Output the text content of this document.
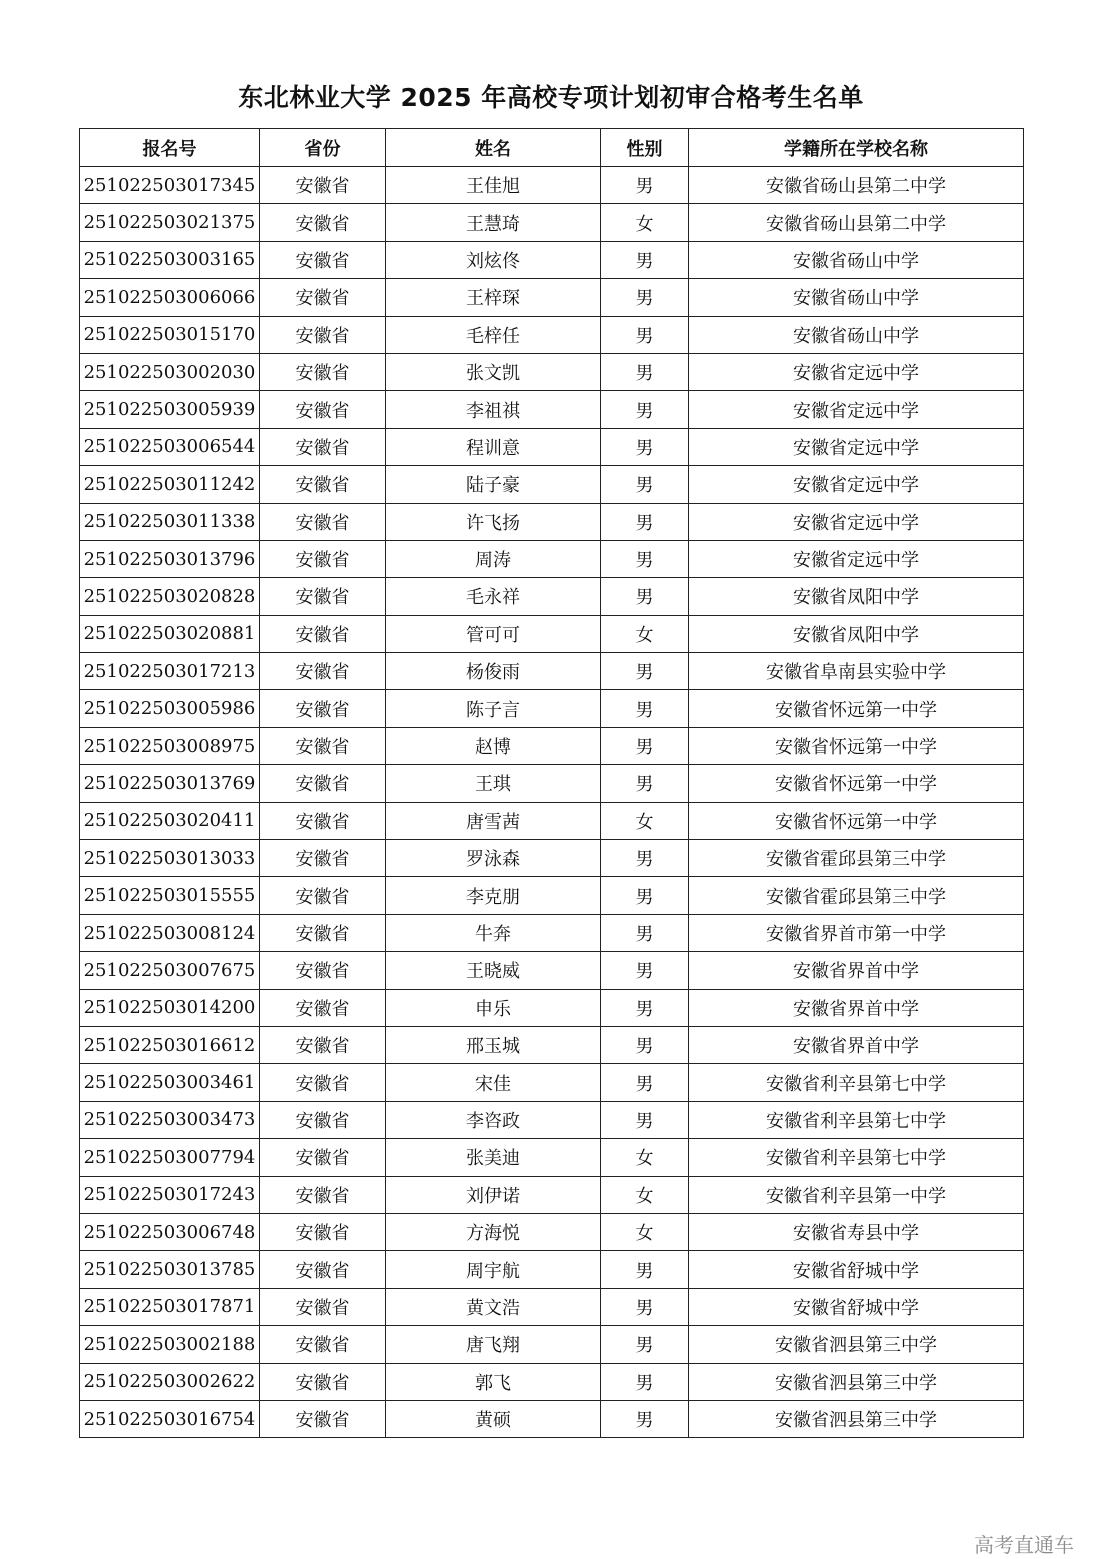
东北林业大学 2025 年高校专项计划初审合格考生名单
报名号	省份	姓名	性别	学籍所在学校名称
251022503017345	安徽省	王佳旭	男	安徽省砀山县第二中学
251022503021375	安徽省	王慧琦	女	安徽省砀山县第二中学
251022503003165	安徽省	刘炫佟	男	安徽省砀山中学
251022503006066	安徽省	王梓琛	男	安徽省砀山中学
251022503015170	安徽省	毛梓任	男	安徽省砀山中学
251022503002030	安徽省	张文凯	男	安徽省定远中学
251022503005939	安徽省	李祖祺	男	安徽省定远中学
251022503006544	安徽省	程训意	男	安徽省定远中学
251022503011242	安徽省	陆子豪	男	安徽省定远中学
251022503011338	安徽省	许飞扬	男	安徽省定远中学
251022503013796	安徽省	周涛	男	安徽省定远中学
251022503020828	安徽省	毛永祥	男	安徽省凤阳中学
251022503020881	安徽省	管可可	女	安徽省凤阳中学
251022503017213	安徽省	杨俊雨	男	安徽省阜南县实验中学
251022503005986	安徽省	陈子言	男	安徽省怀远第一中学
251022503008975	安徽省	赵博	男	安徽省怀远第一中学
251022503013769	安徽省	王琪	男	安徽省怀远第一中学
251022503020411	安徽省	唐雪茜	女	安徽省怀远第一中学
251022503013033	安徽省	罗泳森	男	安徽省霍邱县第三中学
251022503015555	安徽省	李克朋	男	安徽省霍邱县第三中学
251022503008124	安徽省	牛奔	男	安徽省界首市第一中学
251022503007675	安徽省	王晓威	男	安徽省界首中学
251022503014200	安徽省	申乐	男	安徽省界首中学
251022503016612	安徽省	邢玉城	男	安徽省界首中学
251022503003461	安徽省	宋佳	男	安徽省利辛县第七中学
251022503003473	安徽省	李咨政	男	安徽省利辛县第七中学
251022503007794	安徽省	张美迪	女	安徽省利辛县第七中学
251022503017243	安徽省	刘伊诺	女	安徽省利辛县第一中学
251022503006748	安徽省	方海悦	女	安徽省寿县中学
251022503013785	安徽省	周宇航	男	安徽省舒城中学
251022503017871	安徽省	黄文浩	男	安徽省舒城中学
251022503002188	安徽省	唐飞翔	男	安徽省泗县第三中学
251022503002622	安徽省	郭飞	男	安徽省泗县第三中学
251022503016754	安徽省	黄硕	男	安徽省泗县第三中学
高考直通车
